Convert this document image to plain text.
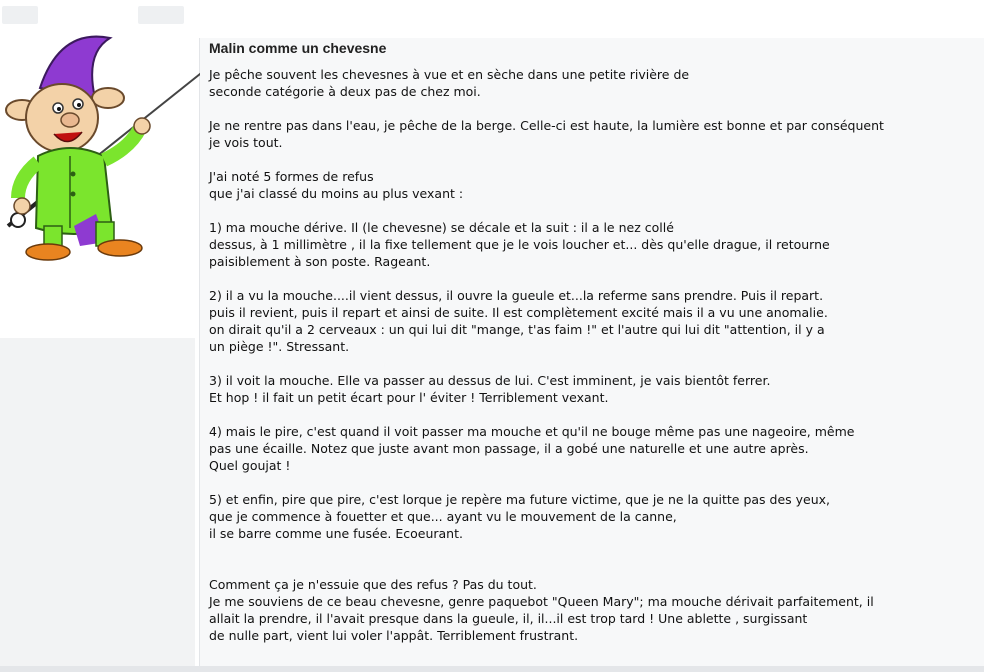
Malin comme un chevesne
Je pêche souvent les chevesnes à vue et en sèche dans une petite rivière de
seconde catégorie à deux pas de chez moi.
Je ne rentre pas dans l'eau, je pêche de la berge. Celle-ci est haute, la lumière est bonne et par conséquent
je vois tout.
J'ai noté 5 formes de refus
que j'ai classé du moins au plus vexant :
1) ma mouche dérive. Il (le chevesne) se décale et la suit : il a le nez collé
dessus, à 1 millimètre , il la fixe tellement que je le vois loucher et... dès qu'elle drague, il retourne
paisiblement à son poste. Rageant.
2) il a vu la mouche....il vient dessus, il ouvre la gueule et...la referme sans prendre. Puis il repart.
puis il revient, puis il repart et ainsi de suite. Il est complètement excité mais il a vu une anomalie.
on dirait qu'il a 2 cerveaux : un qui lui dit "mange, t'as faim !" et l'autre qui lui dit "attention, il y a
un piège !". Stressant.
3) il voit la mouche. Elle va passer au dessus de lui. C'est imminent, je vais bientôt ferrer.
Et hop ! il fait un petit écart pour l' éviter ! Terriblement vexant.
4) mais le pire, c'est quand il voit passer ma mouche et qu'il ne bouge même pas une nageoire, même
pas une écaille. Notez que juste avant mon passage, il a gobé une naturelle et une autre après.
Quel goujat !
5) et enfin, pire que pire, c'est lorque je repère ma future victime, que je ne la quitte pas des yeux,
que je commence à fouetter et que... ayant vu le mouvement de la canne,
il se barre comme une fusée. Ecoeurant.
Comment ça je n'essuie que des refus ? Pas du tout.
Je me souviens de ce beau chevesne, genre paquebot "Queen Mary"; ma mouche dérivait parfaitement, il
allait la prendre, il l'avait presque dans la gueule, il, il...il est trop tard ! Une ablette , surgissant
de nulle part, vient lui voler l'appât. Terriblement frustrant.
